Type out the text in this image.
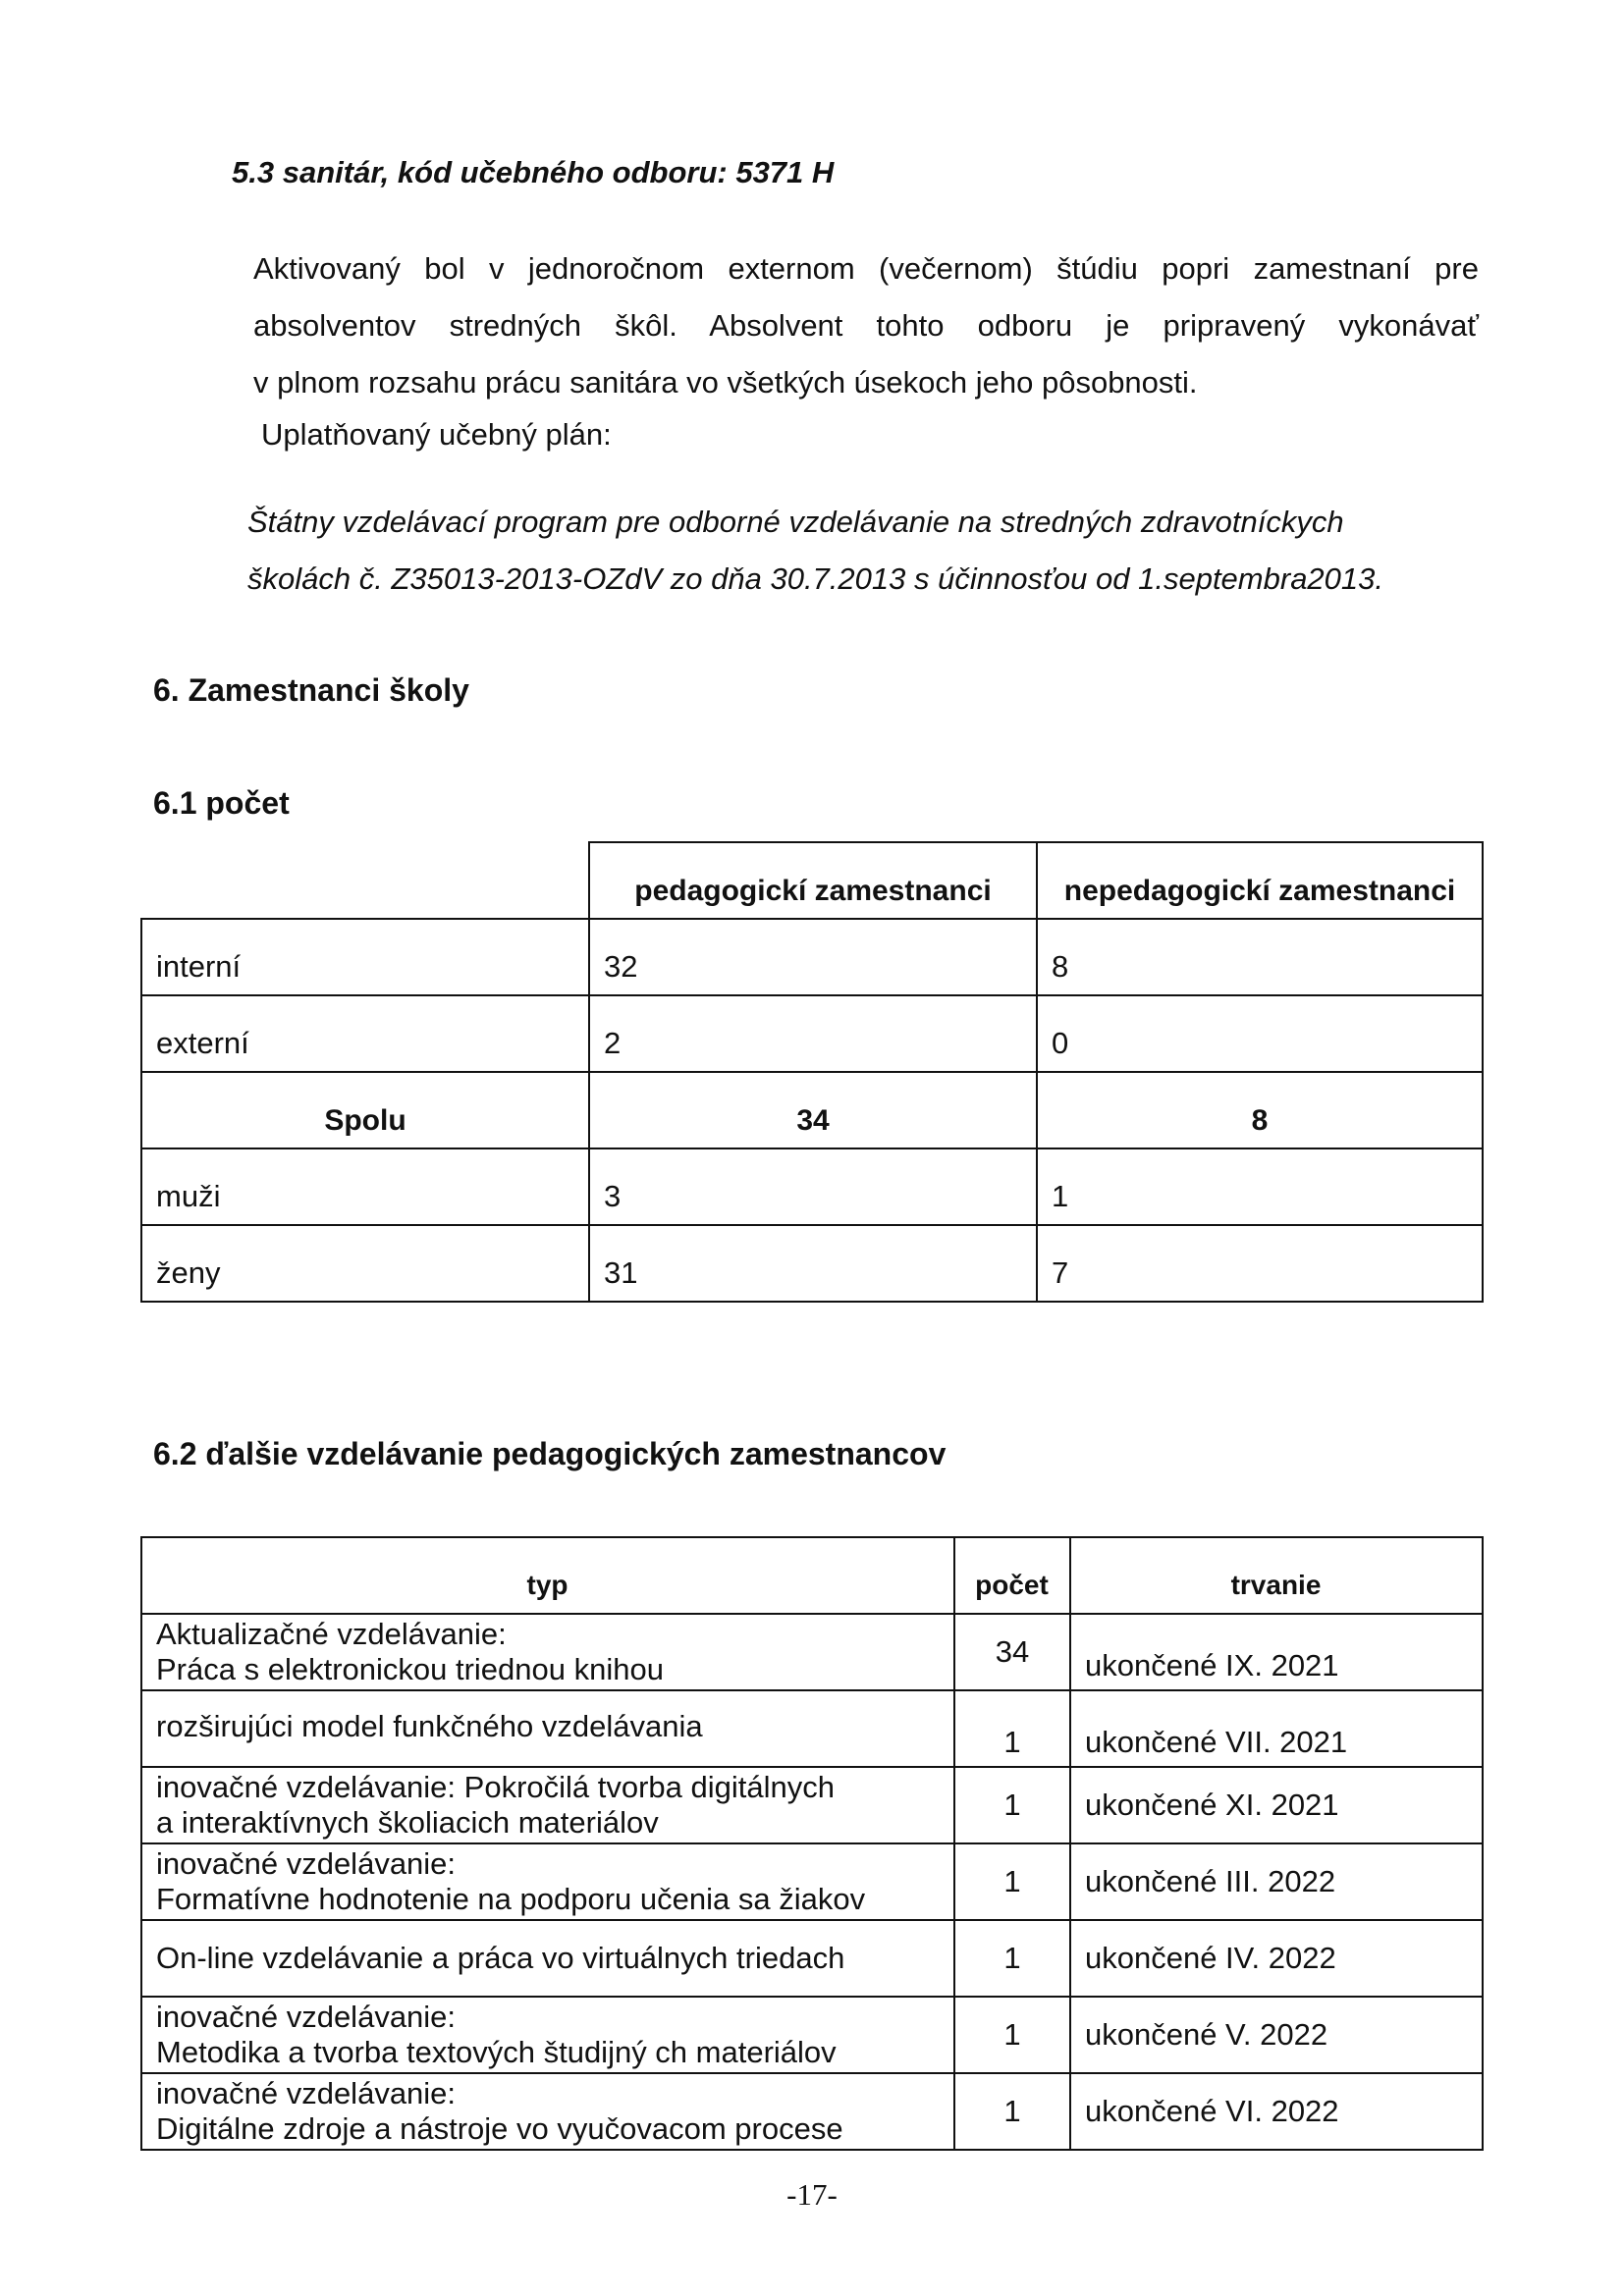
5.3 sanitár, kód učebného odboru: 5371 H
Aktivovaný bol v jednoročnom externom (večernom) štúdiu popri zamestnaní pre
absolventov stredných škôl. Absolvent tohto odboru je pripravený vykonávať
v plnom rozsahu prácu sanitára vo všetkých úsekoch jeho pôsobnosti.
Uplatňovaný učebný plán:
Štátny vzdelávací program pre odborné vzdelávanie na stredných zdravotníckych
školách č. Z35013-2013-OZdV zo dňa 30.7.2013 s účinnosťou od 1.septembra2013.
6. Zamestnanci školy
6.1 počet
	pedagogickí zamestnanci	nepedagogickí zamestnanci
interní	32	8
externí	2	0
Spolu	34	8
muži	3	1
ženy	31	7
6.2 ďalšie vzdelávanie pedagogických zamestnancov
typ	počet	trvanie

Aktualizačné vzdelávanie:
Práca s elektronickou triednou knihou	34	ukončené IX. 2021

rozširujúci model funkčného vzdelávania	1	ukončené VII. 2021

inovačné vzdelávanie: Pokročilá tvorba digitálnych
a interaktívnych školiacich materiálov	1	ukončené XI. 2021

inovačné vzdelávanie:
Formatívne hodnotenie na podporu učenia sa žiakov	1	ukončené III. 2022

On-line vzdelávanie a práca vo virtuálnych triedach	1	ukončené IV. 2022

inovačné vzdelávanie:
Metodika a tvorba textových študijný ch materiálov	1	ukončené V. 2022

inovačné vzdelávanie:
Digitálne zdroje a nástroje vo vyučovacom procese	1	ukončené VI. 2022
-17-
